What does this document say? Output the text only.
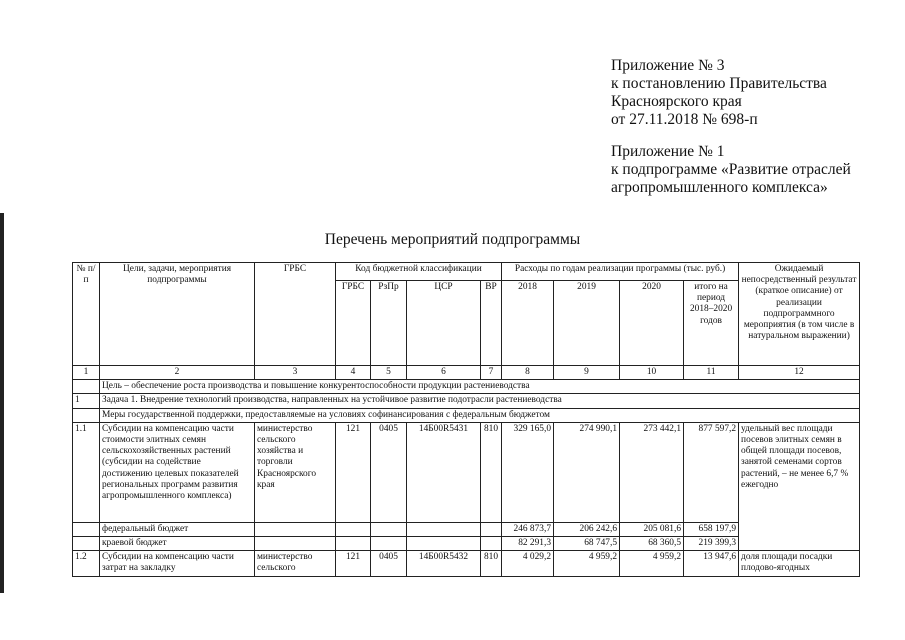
Приложение № 3
к постановлению Правительства
Красноярского края
от 27.11.2018 № 698-п
Приложение № 1
к подпрограмме «Развитие отраслей
агропромышленного комплекса»
Перечень мероприятий подпрограммы
№ п/п	Цели, задачи, мероприятия подпрограммы	ГРБС	Код бюджетной классификации				Расходы по годам реализации программы (тыс. руб.)				Ожидаемый непосредственный результат (краткое описание) от реализации подпрограммного мероприятия (в том числе в натуральном выражении)
			ГРБС	РзПр	ЦСР	ВР	2018	2019	2020	итого на период 2018–2020 годов	
1	2	3	4	5	6	7	8	9	10	11	12
	Цель – обеспечение роста производства и повышение конкурентоспособности продукции растениеводства										
1	Задача 1. Внедрение технологий производства, направленных на устойчивое развитие подотрасли растениеводства										
	Меры государственной поддержки, предоставляемые на условиях софинансирования с федеральным бюджетом										
1.1	Субсидии на компенсацию части стоимости элитных семян сельскохозяйственных растений (субсидии на содействие достижению целевых показателей региональных программ развития агропромышленного комплекса)	министерство сельского хозяйства и торговли Красноярского края	121	0405	14Б00R5431	810	329 165,0	274 990,1	273 442,1	877 597,2	удельный вес площади посевов элитных семян в общей площади посевов, занятой семенами сортов растений, – не менее 6,7 % ежегодно
	федеральный бюджет						246 873,7	206 242,6	205 081,6	658 197,9	
	краевой бюджет						82 291,3	68 747,5	68 360,5	219 399,3	
1.2	Субсидии на компенсацию части затрат на закладку	министерство сельского	121	0405	14Б00R5432	810	4 029,2	4 959,2	4 959,2	13 947,6	доля площади посадки плодово-ягодных
